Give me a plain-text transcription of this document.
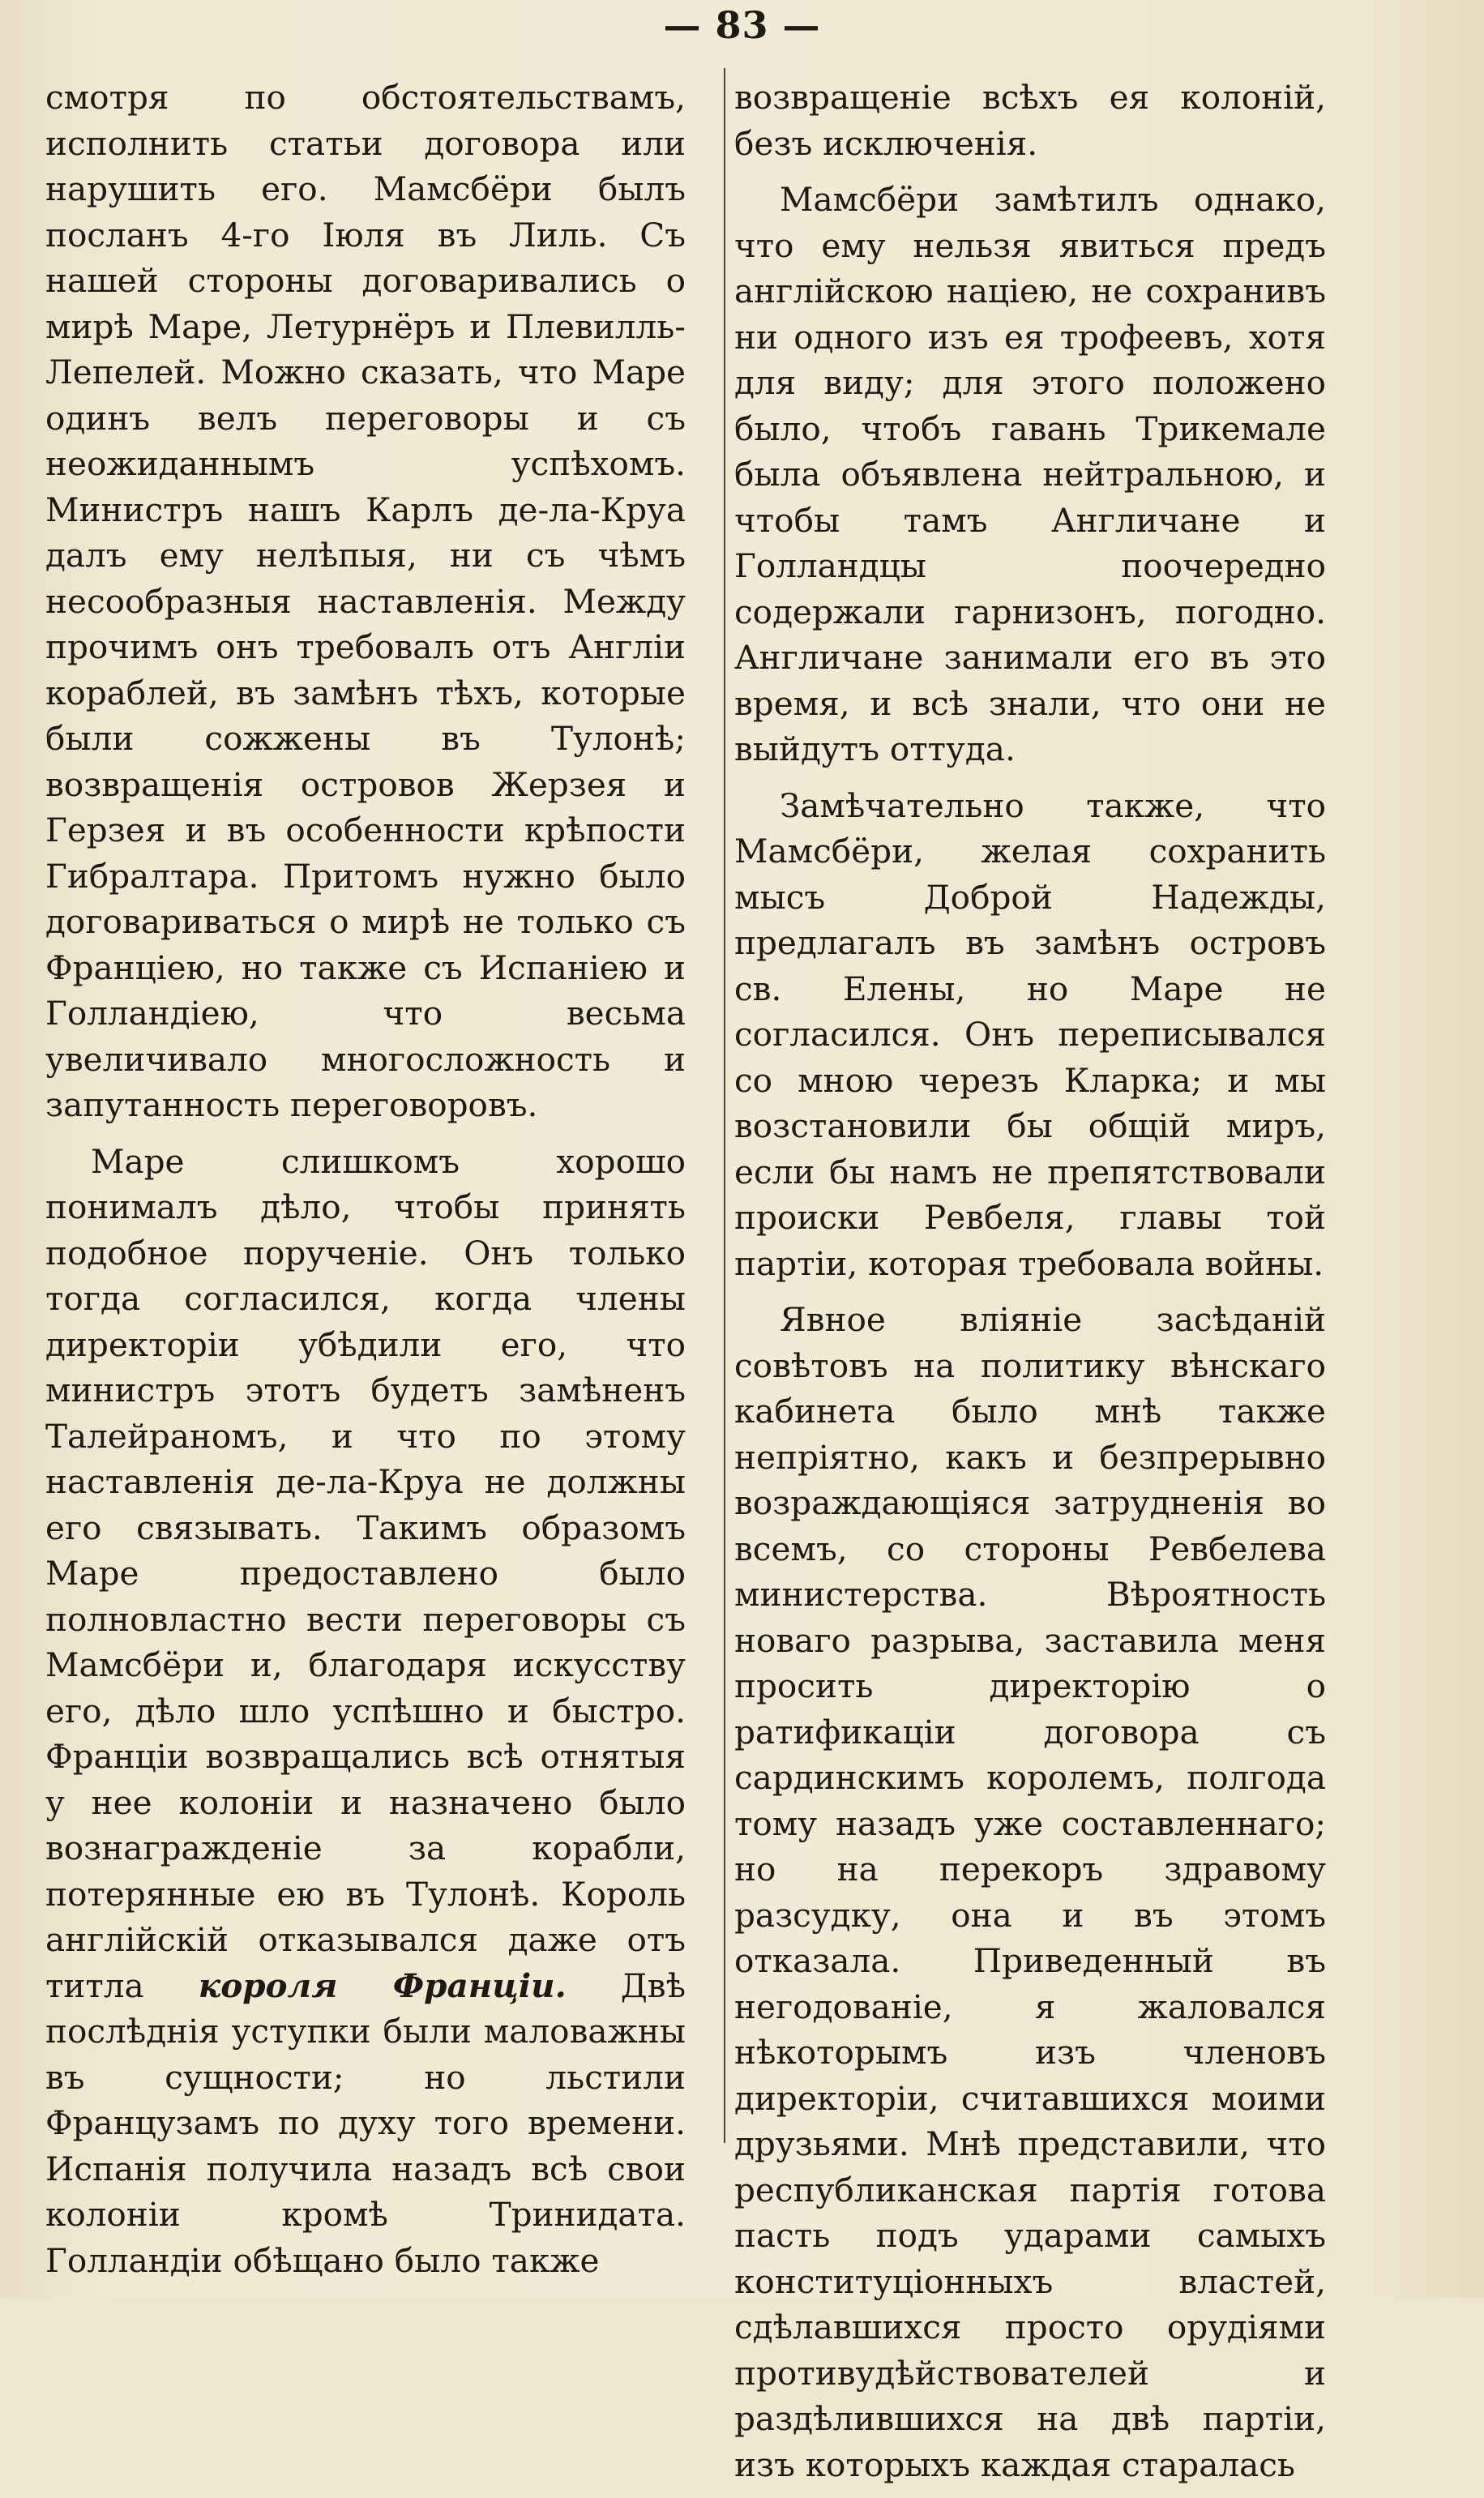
— 83 —

смотря по обстоятельствамъ, исполнить статьи договора или нарушить его. Мамсбёри былъ посланъ 4-го Іюля въ Лиль. Съ нашей стороны договаривались о мирѣ Маре, Летурнёръ и Плевилль-Лепелей. Можно сказать, что Маре одинъ велъ переговоры и съ неожиданнымъ успѣхомъ. Министръ нашъ Карлъ де-ла-Круа далъ ему нелѣпыя, ни съ чѣмъ несообразныя наставленія. Между прочимъ онъ требовалъ отъ Англіи кораблей, въ замѣнъ тѣхъ, которые были сожжены въ Тулонѣ; возвращенія островов Жерзея и Герзея и въ особенности крѣпости Гибралтара. Притомъ нужно было договариваться о мирѣ не только съ Франціею, но также съ Испаніею и Голландіею, что весьма увеличивало многосложность и запутанность переговоровъ.

Маре слишкомъ хорошо понималъ дѣло, чтобы принять подобное порученіе. Онъ только тогда согласился, когда члены директоріи убѣдили его, что министръ этотъ будетъ замѣненъ Талейраномъ, и что по этому наставленія де-ла-Круа не должны его связывать. Такимъ образомъ Маре предоставлено было полновластно вести переговоры съ Мамсбёри и, благодаря искусству его, дѣло шло успѣшно и быстро. Франціи возвращались всѣ отнятыя у нее колоніи и назначено было вознагражденіе за корабли, потерянные ею въ Тулонѣ. Король англійскій отказывался даже отъ титла короля Франціи. Двѣ послѣднія уступки были маловажны въ сущности; но льстили Французамъ по духу того времени. Испанія получила назадъ всѣ свои колоніи кромѣ Тринидата. Голландіи обѣщано было также

возвращеніе всѣхъ ея колоній, безъ исключенія.

Мамсбёри замѣтилъ однако, что ему нельзя явиться предъ англійскою націею, не сохранивъ ни одного изъ ея трофеевъ, хотя для виду; для этого положено было, чтобъ гавань Трикемале была объявлена нейтральною, и чтобы тамъ Англичане и Голландцы поочередно содержали гарнизонъ, погодно. Англичане занимали его въ это время, и всѣ знали, что они не выйдутъ оттуда.

Замѣчательно также, что Мамсбёри, желая сохранить мысъ Доброй Надежды, предлагалъ въ замѣнъ островъ св. Елены, но Маре не согласился. Онъ переписывался со мною черезъ Кларка; и мы возстановили бы общій миръ, если бы намъ не препятствовали происки Ревбеля, главы той партіи, которая требовала войны.

Явное вліяніе засѣданій совѣтовъ на политику вѣнскаго кабинета было мнѣ также непріятно, какъ и безпрерывно возраждающіяся затрудненія во всемъ, со стороны Ревбелева министерства. Вѣроятность новаго разрыва, заставила меня просить директорію о ратификаціи договора съ сардинскимъ королемъ, полгода тому назадъ уже составленнаго; но на перекоръ здравому разсудку, она и въ этомъ отказала. Приведенный въ негодованіе, я жаловался нѣкоторымъ изъ членовъ директоріи, считавшихся моими друзьями. Мнѣ представили, что республиканская партія готова пасть подъ ударами самыхъ конституціонныхъ властей, сдѣлавшихся просто орудіями противудѣйствователей и раздѣлившихся на двѣ партіи, изъ которыхъ каждая старалась
